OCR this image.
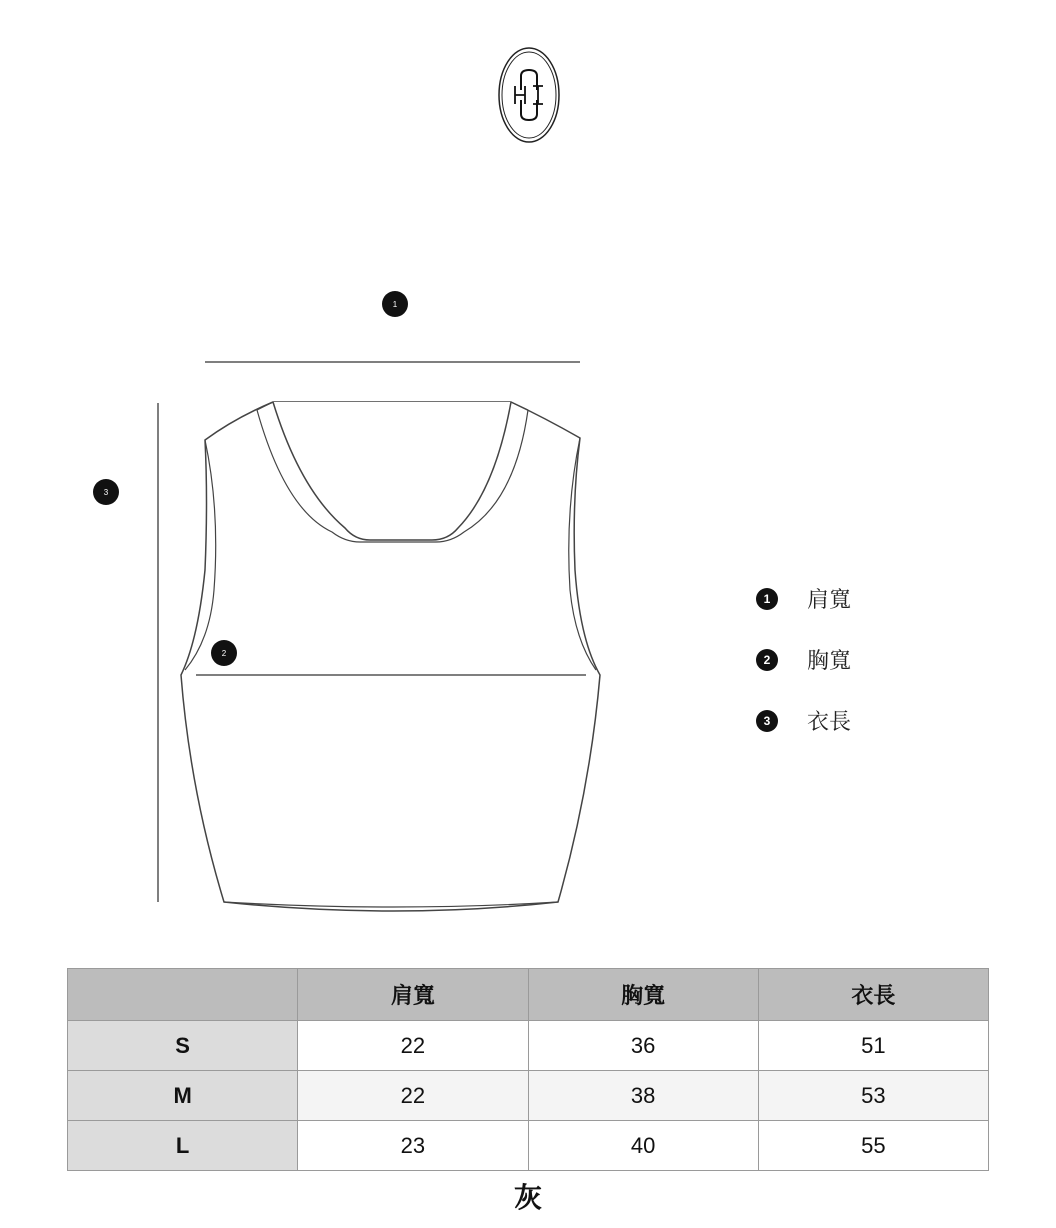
1
2
3
1	肩寬
2	胸寬
3	衣長
	肩寬	胸寬	衣長
S	22	36	51
M	22	38	53
L	23	40	55
灰
